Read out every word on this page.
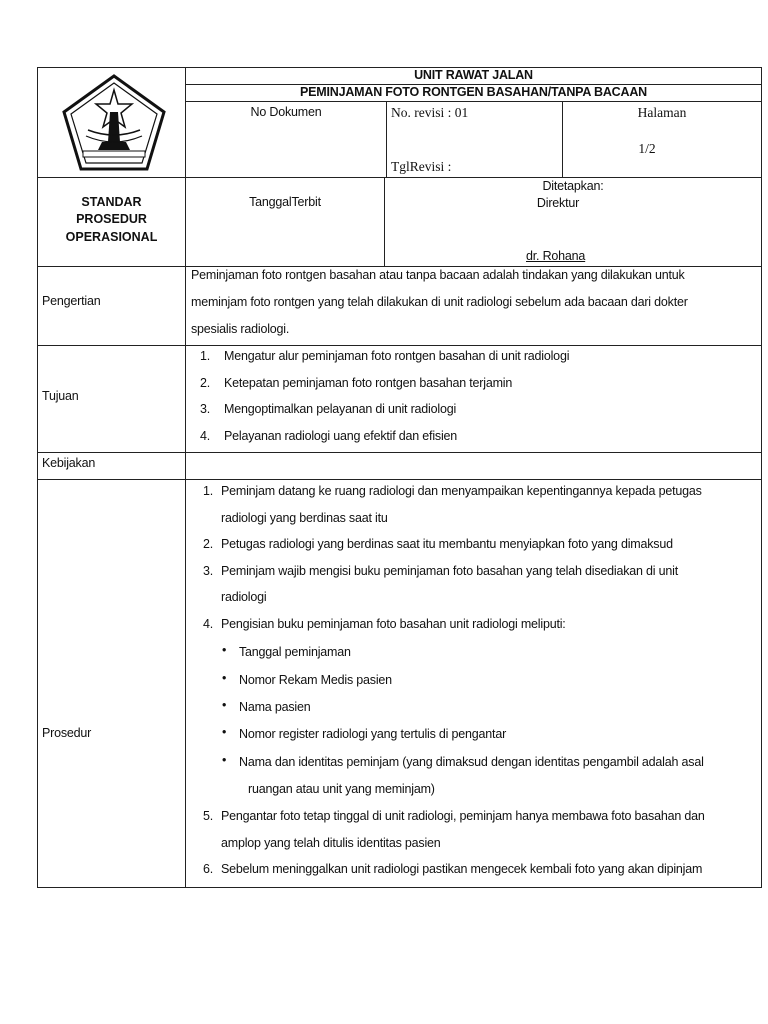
UNIT RAWAT JALAN
PEMINJAMAN FOTO RONTGEN BASAHAN/TANPA BACAAN
No Dokumen	No. revisi : 01
TglRevisi :
Halaman
1/2
STANDAR
PROSEDUR
OPERASIONAL
TanggalTerbit
Ditetapkan:
Direktur
dr. Rohana
Pengertian
Peminjaman foto rontgen basahan atau tanpa bacaan adalah tindakan yang dilakukan untuk
meminjam foto rontgen yang telah dilakukan di unit radiologi sebelum ada bacaan dari dokter
spesialis radiologi.
Tujuan
1. Mengatur alur peminjaman foto rontgen basahan di unit radiologi
2. Ketepatan peminjaman foto rontgen basahan terjamin
3. Mengoptimalkan pelayanan di unit radiologi
4. Pelayanan radiologi uang efektif dan efisien
Kebijakan
Prosedur
1. Peminjam datang ke ruang radiologi dan menyampaikan kepentingannya kepada petugas
radiologi yang berdinas saat itu
2. Petugas radiologi yang berdinas saat itu membantu menyiapkan foto yang dimaksud
3. Peminjam wajib mengisi buku peminjaman foto basahan yang telah disediakan di unit
radiologi
4. Pengisian buku peminjaman foto basahan unit radiologi meliputi:
• Tanggal peminjaman
• Nomor Rekam Medis pasien
• Nama pasien
• Nomor register radiologi yang tertulis di pengantar
• Nama dan identitas peminjam (yang dimaksud dengan identitas pengambil adalah asal
ruangan atau unit yang meminjam)
5. Pengantar foto tetap tinggal di unit radiologi, peminjam hanya membawa foto basahan dan
amplop yang telah ditulis identitas pasien
6. Sebelum meninggalkan unit radiologi pastikan mengecek kembali foto yang akan dipinjam
